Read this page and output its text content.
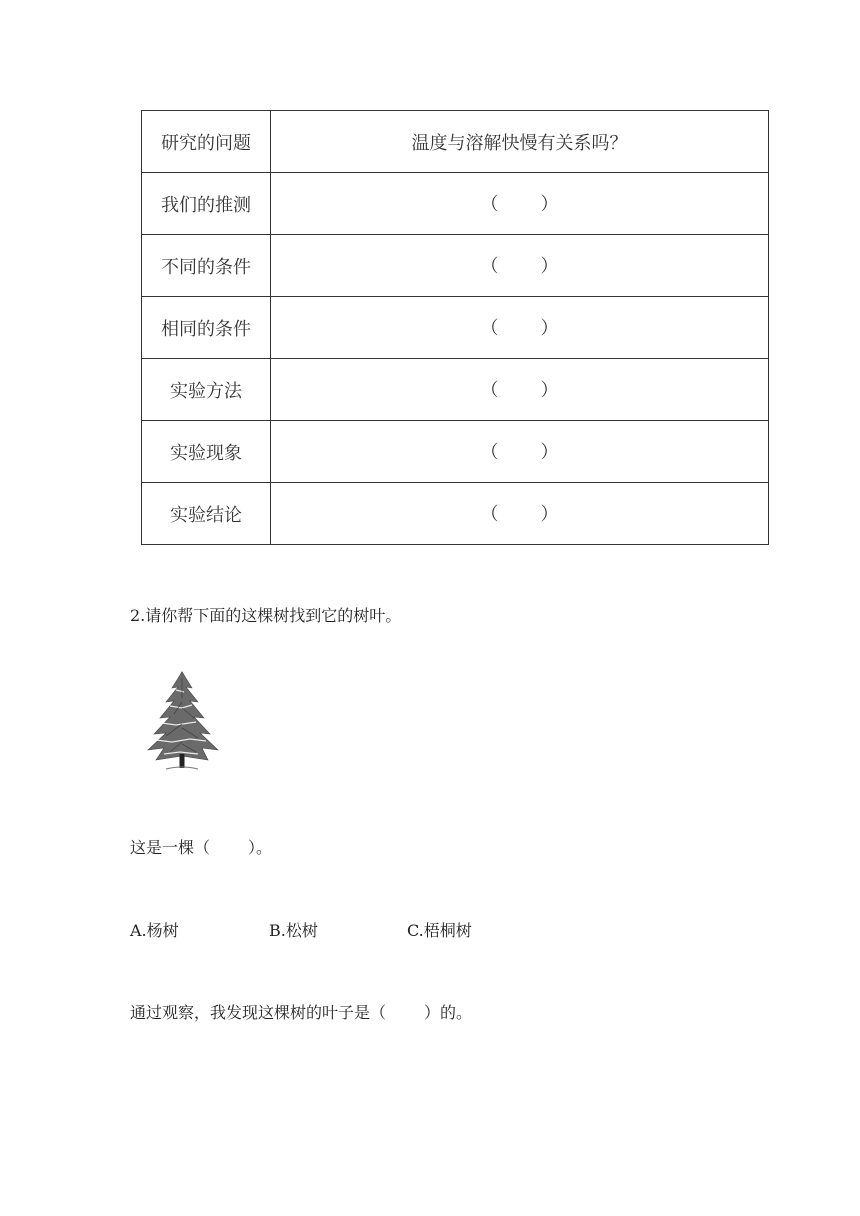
研究的问题	温度与溶解快慢有关系吗？
我们的推测	（ ）

不同的条件	（ ）

相同的条件	（ ）

实验方法	（ ）

实验现象	（ ）

实验结论	（ ）
2.请你帮下面的这棵树找到它的树叶。
这是一棵（ ）。
A.杨树	B.松树	C.梧桐树
通过观察，我发现这棵树的叶子是（ ）的。
